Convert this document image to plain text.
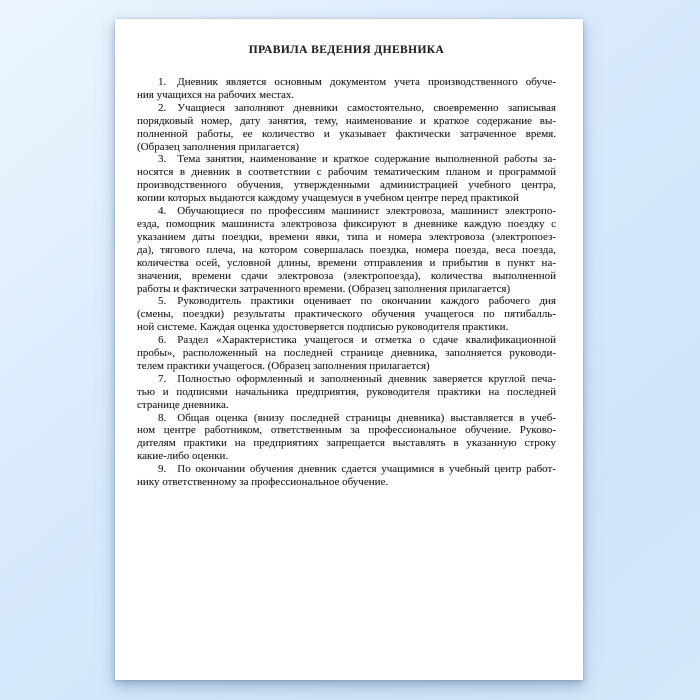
ПРАВИЛА ВЕДЕНИЯ ДНЕВНИКА
1.  Дневник является основным документом учета производственного обуче-
ния учащихся на рабочих местах.
2.  Учащиеся заполняют дневники самостоятельно, своевременно записывая
порядковый номер, дату занятия, тему, наименование и краткое содержание вы-
полненной работы, ее количество и указывает фактически затраченное время.
(Образец заполнения прилагается)
3.  Тема занятия, наименование и краткое содержание выполненной работы за-
носятся в дневник в соответствии с рабочим тематическим планом и программой
производственного обучения, утвержденными администрацией учебного центра,
копии которых выдаются каждому учащемуся в учебном центре перед практикой
4.  Обучающиеся по профессиям машинист электровоза, машинист электропо-
езда, помощник машиниста электровоза фиксируют в дневнике каждую поездку с
указанием даты поездки, времени явки, типа и номера электровоза (электропоез-
да), тягового плеча, на котором совершалась поездка, номера поезда, веса поезда,
количества осей, условной длины, времени отправления и прибытия в пункт на-
значения, времени сдачи электровоза (электропоезда), количества выполненной
работы и фактически затраченного времени. (Образец заполнения прилагается)
5.  Руководитель практики оценивает по окончании каждого рабочего дня
(смены, поездки) результаты практического обучения учащегося по пятибалль-
ной системе. Каждая оценка удостоверяется подписью руководителя практики.
6.  Раздел «Характеристика учащегося и отметка о сдаче квалификационной
пробы», расположенный на последней странице дневника, заполняется руководи-
телем практики учащегося. (Образец заполнения прилагается)
7.  Полностью оформленный и заполненный дневник заверяется круглой печа-
тью и подписями начальника предприятия, руководителя практики на последней
странице дневника.
8.  Общая оценка (внизу последней страницы дневника) выставляется в учеб-
ном центре работником, ответственным за профессиональное обучение. Руково-
дителям практики на предприятиях запрещается выставлять в указанную строку
какие-либо оценки.
9.  По окончании обучения дневник сдается учащимися в учебный центр работ-
нику ответственному за профессиональное обучение.
